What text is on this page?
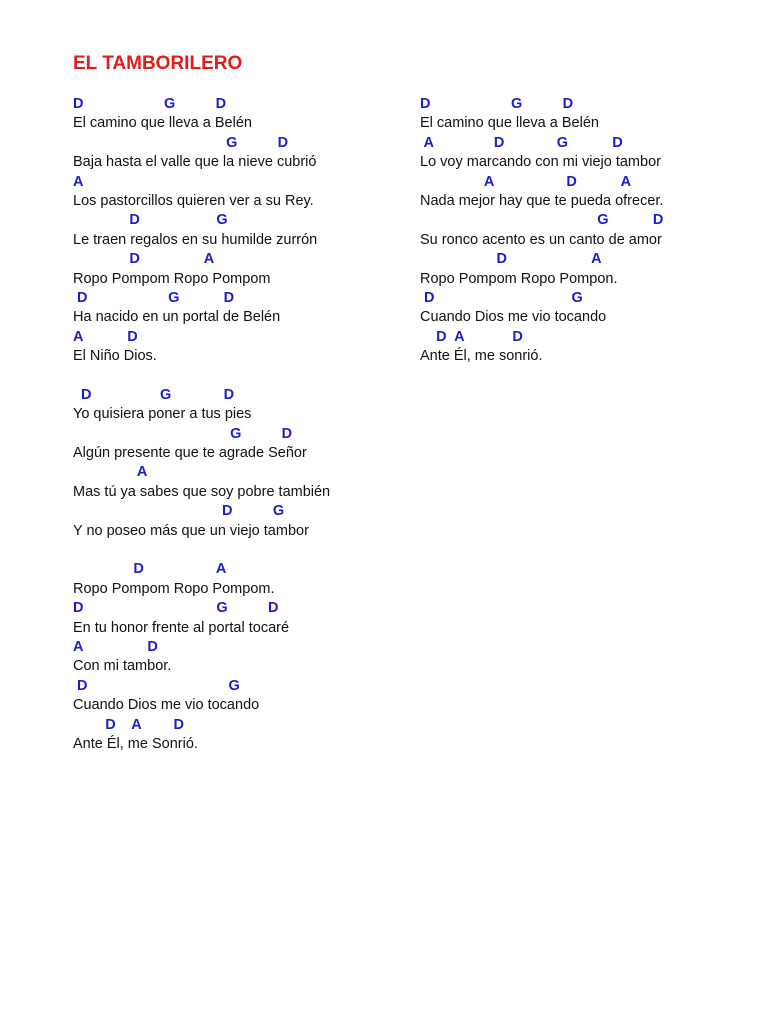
EL TAMBORILERO
D                    G          D
El camino que lleva a Belén
G          D
Baja hasta el valle que la nieve cubrió
A
Los pastorcillos quieren ver a su Rey.
D                   G
Le traen regalos en su humilde zurrón
D                A
Ropo Pompom Ropo Pompom
D                    G           D
Ha nacido en un portal de Belén
A           D
El Niño Dios.
D                 G             D
Yo quisiera poner a tus pies
G          D
Algún presente que te agrade Señor
A
Mas tú ya sabes que soy pobre también
D          G
Y no poseo más que un viejo tambor
D                  A
Ropo Pompom Ropo Pompom.
D                                 G          D
En tu honor frente al portal tocaré
A                D
Con mi tambor.
D                                   G
Cuando Dios me vio tocando
D    A        D
Ante Él, me Sonrió.
D                    G          D
El camino que lleva a Belén
A               D             G           D
Lo voy marcando con mi viejo tambor
A                  D           A
Nada mejor hay que te pueda ofrecer.
G           D
Su ronco acento es un canto de amor
D                     A
Ropo Pompom Ropo Pompon.
D                                  G
Cuando Dios me vio tocando
D  A            D
Ante Él, me sonrió.
